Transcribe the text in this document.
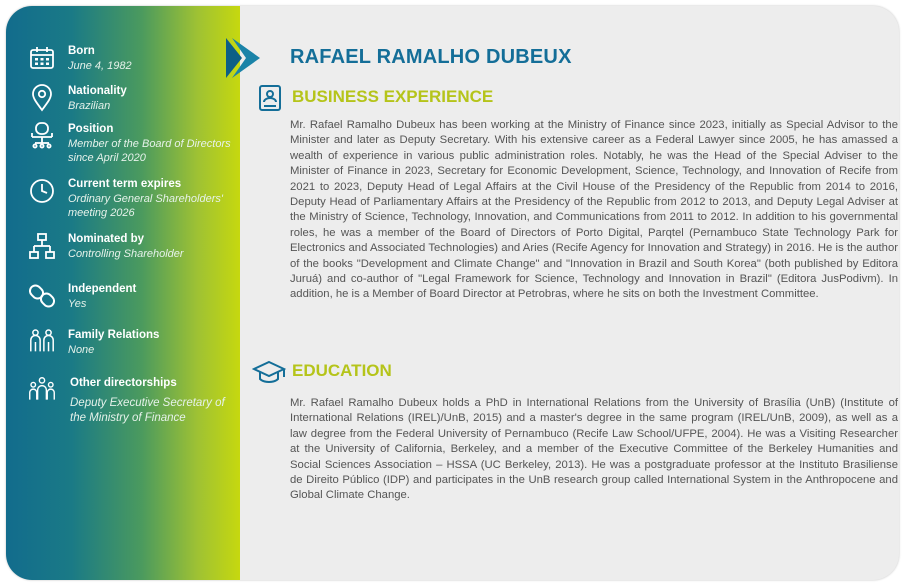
Born
June 4, 1982
Nationality
Brazilian
Position
Member of the Board of Directors since April 2020
Current term expires
Ordinary General Shareholders' meeting 2026
Nominated by
Controlling Shareholder
Independent
Yes
Family Relations
None
Other directorships
Deputy Executive Secretary of the Ministry of Finance
RAFAEL RAMALHO DUBEUX
BUSINESS EXPERIENCE

Mr. Rafael Ramalho Dubeux has been working at the Ministry of Finance since 2023, initially as Special Advisor to the Minister and later as Deputy Secretary. With his extensive career as a Federal Lawyer since 2005, he has amassed a wealth of experience in various public administration roles. Notably, he was the Head of the Special Adviser to the Minister of Finance in 2023, Secretary for Economic Development, Science, Technology, and Innovation of Recife from 2021 to 2023, Deputy Head of Legal Affairs at the Civil House of the Presidency of the Republic from 2014 to 2016, Deputy Head of Parliamentary Affairs at the Presidency of the Republic from 2012 to 2013, and Deputy Legal Adviser at the Ministry of Science, Technology, Innovation, and Communications from 2011 to 2012. In addition to his governmental roles, he was a member of the Board of Directors of Porto Digital, Parqtel (Pernambuco State Technology Park for Electronics and Associated Technologies) and Aries (Recife Agency for Innovation and Strategy) in 2016. He is the author of the books "Development and Climate Change" and "Innovation in Brazil and South Korea" (both published by Editora Juruá) and co-author of "Legal Framework for Science, Technology and Innovation in Brazil" (Editora JusPodivm). In addition, he is a Member of Board Director at Petrobras, where he sits on both the Investment Committee.

EDUCATION

Mr. Rafael Ramalho Dubeux holds a PhD in International Relations from the University of Brasília (UnB) (Institute of International Relations (IREL)/UnB, 2015) and a master's degree in the same program (IREL/UnB, 2009), as well as a law degree from the Federal University of Pernambuco (Recife Law School/UFPE, 2004). He was a Visiting Researcher at the University of California, Berkeley, and a member of the Executive Committee of the Berkeley Humanities and Social Sciences Association – HSSA (UC Berkeley, 2013). He was a postgraduate professor at the Instituto Brasiliense de Direito Público (IDP) and participates in the UnB research group called International System in the Anthropocene and Global Climate Change.
